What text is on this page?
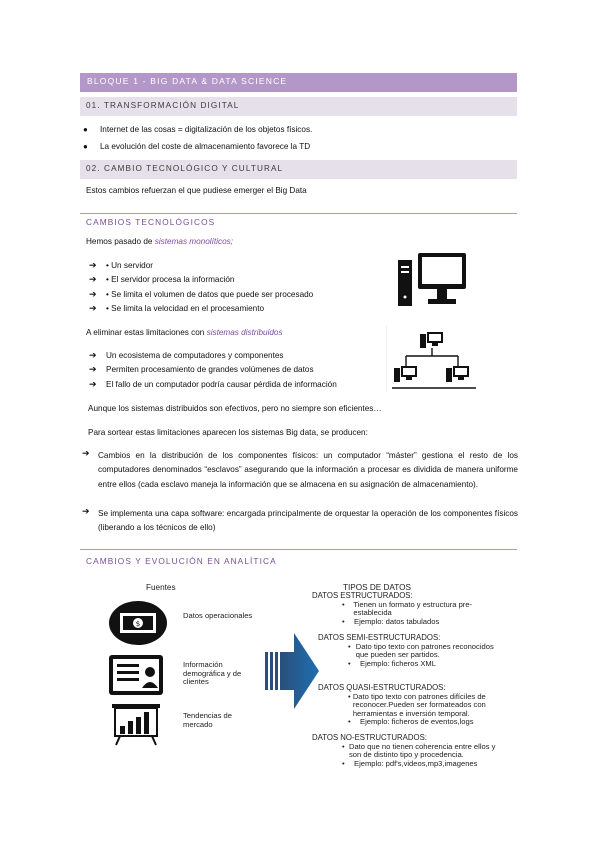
BLOQUE 1 - BIG DATA & DATA SCIENCE
01. TRANSFORMACIÓN DIGITAL
●	Internet de las cosas = digitalización de los objetos físicos.
●	La evolución del coste de almacenamiento favorece la TD
02. CAMBIO TECNOLÓGICO Y CULTURAL
Estos cambios refuerzan el que pudiese emerger el Big Data
CAMBIOS TECNOLÓGICOS
Hemos pasado de sistemas monolíticos;
➔	• Un servidor
➔	• El servidor procesa la información
➔	• Se limita el volumen de datos que puede ser procesado
➔	• Se limita la velocidad en el procesamiento
A eliminar estas limitaciones con sistemas distribuidos
➔	Un ecosistema de computadores y componentes
➔	Permiten procesamiento de grandes volúmenes de datos
➔	El fallo de un computador podría causar pérdida de información
Aunque los sistemas distribuidos son efectivos, pero no siempre son eficientes…
Para sortear estas limitaciones aparecen los sistemas Big data, se producen:
➔	Cambios en la distribución de los componentes físicos: un computador “máster” gestiona el resto de los computadores denominados “esclavos” asegurando que la información a procesar es dividida de manera uniforme entre ellos (cada esclavo maneja la información que se almacena en su asignación de almacenamiento).
➔	Se implementa una capa software: encargada principalmente de orquestar la operación de los componentes físicos (liberando a los técnicos de ello)
CAMBIOS Y EVOLUCIÓN EN ANALÍTICA
Fuentes
$
Datos operacionales
Información demográfica y de clientes
Tendencias de mercado
TIPOS DE DATOS
DATOS ESTRUCTURADOS:
•	Tienen un formato y estructura pre-establecida
•	Ejemplo: datos tabulados
DATOS SEMI-ESTRUCTURADOS:
• Dato tipo texto con patrones reconocidos que pueden ser partidos.
•	Ejemplo: ficheros XML
DATOS QUASI-ESTRUCTURADOS:
• Dato tipo texto con patrones difíciles de reconocer.Pueden ser formateados con herramientas e inversión temporal.
•	Ejemplo: ficheros de eventos,logs
DATOS NO-ESTRUCTURADOS:
• Dato que no tienen coherencia entre ellos y son de distinto tipo y procedencia.
•	Ejemplo: pdf's,videos,mp3,imagenes
